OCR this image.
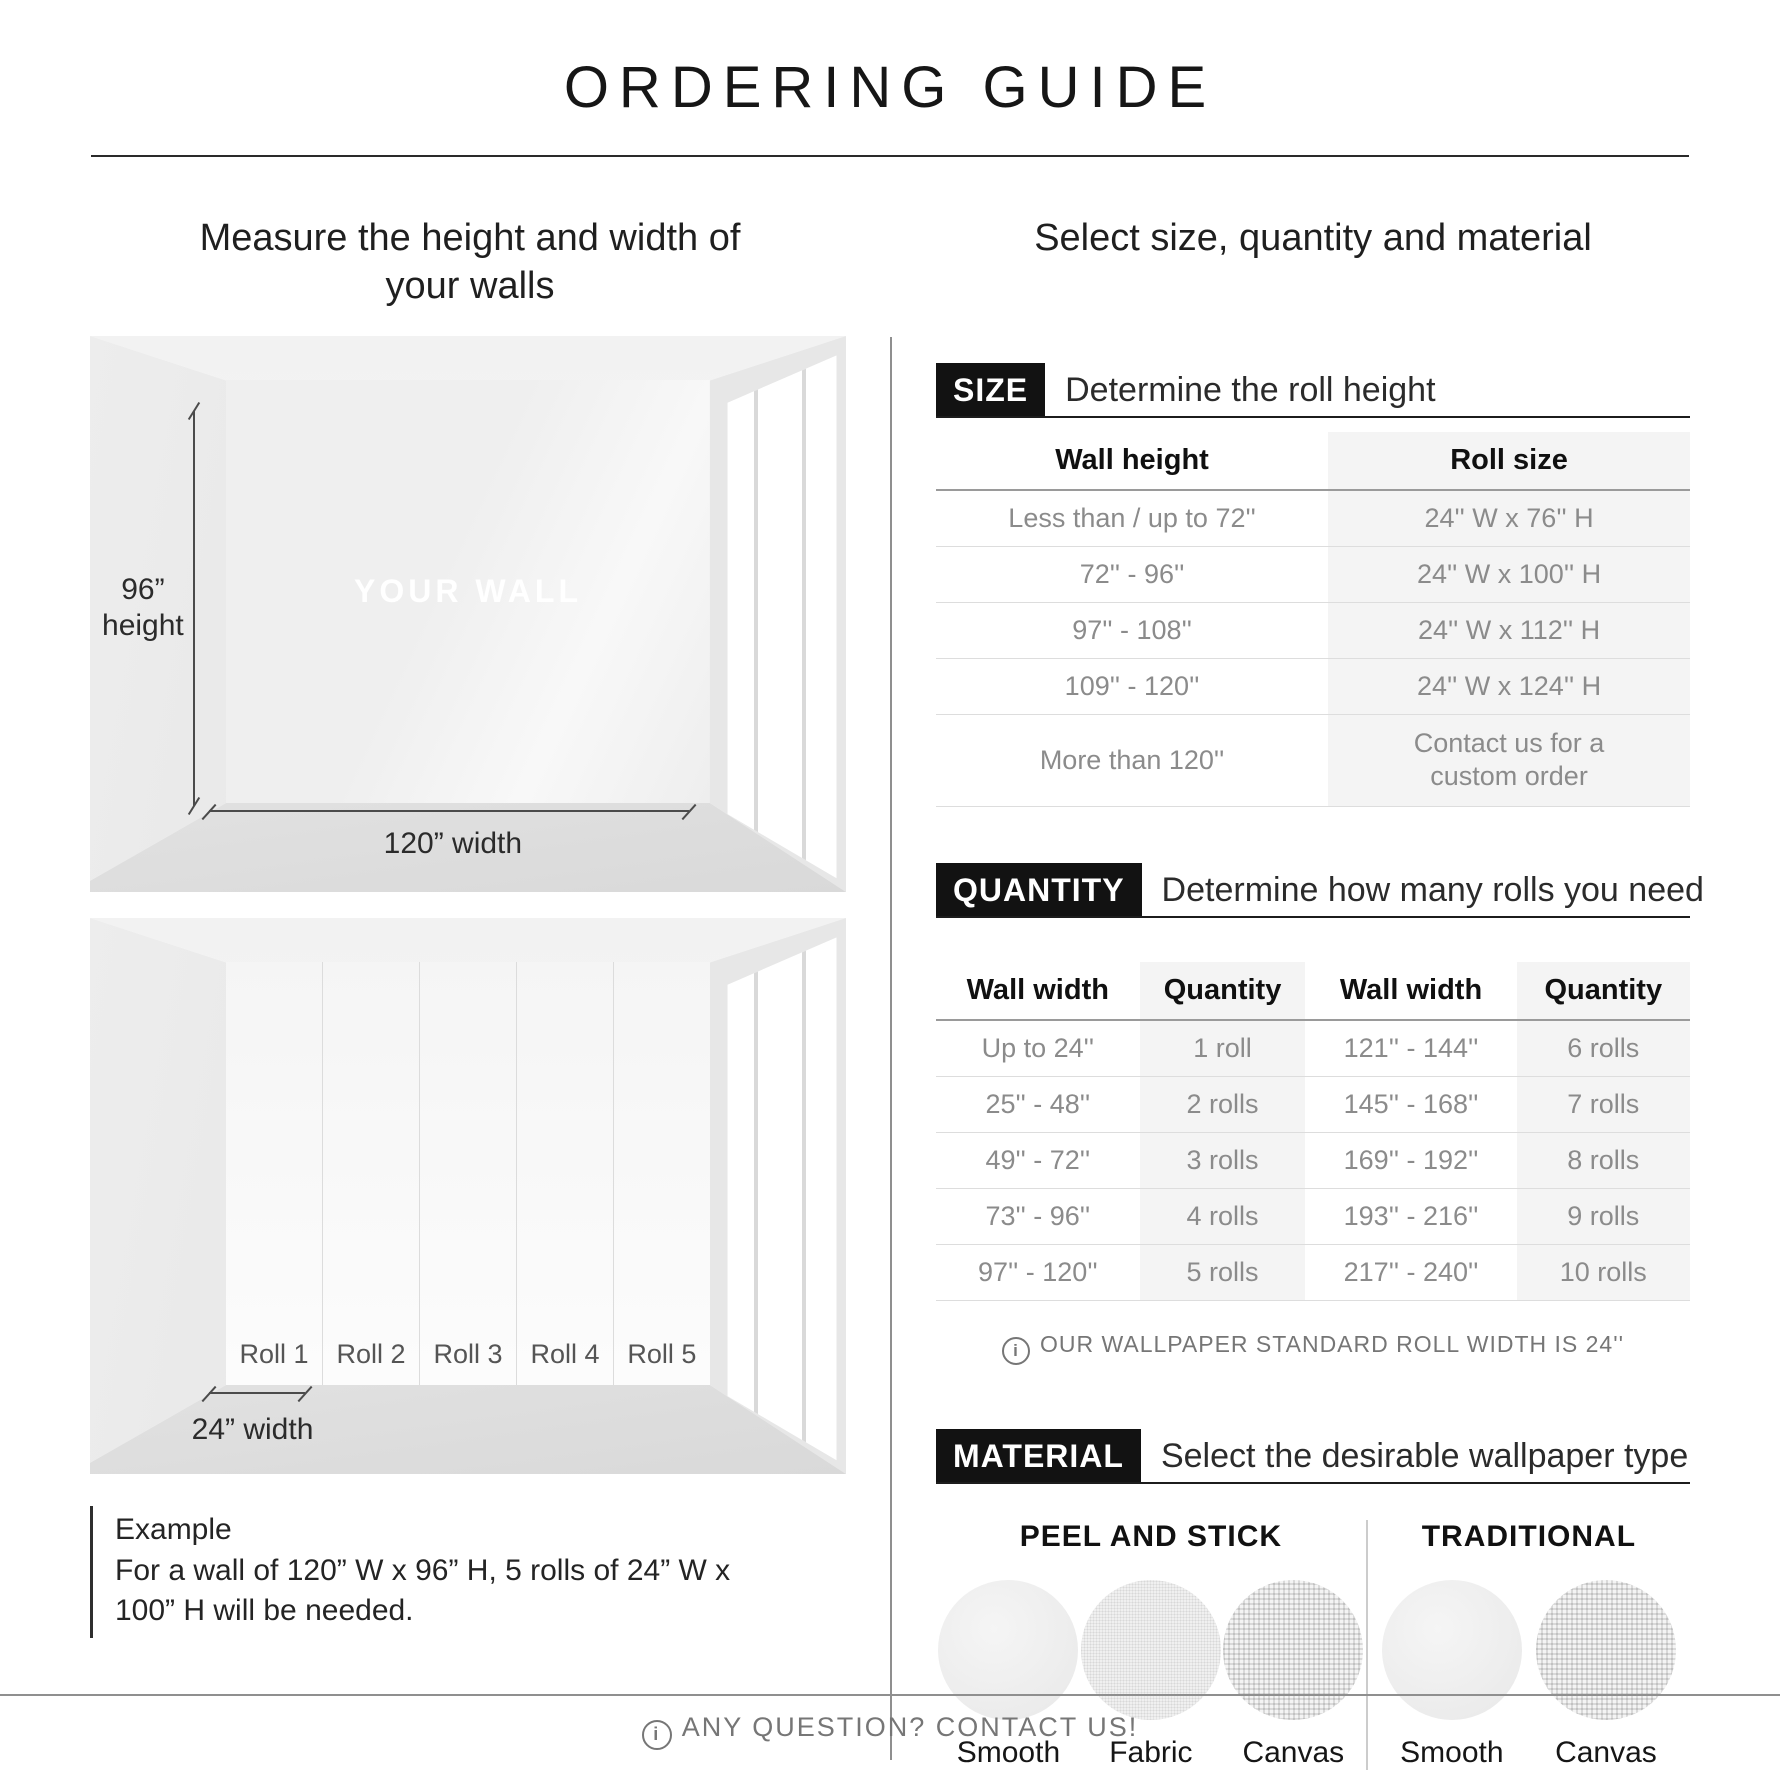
ORDERING GUIDE
Measure the height and width of your walls
96”
height
YOUR WALL
120” width
Roll 1	Roll 2	Roll 3	Roll 4	Roll 5
24” width

Example

For a wall of 120” W x 96” H, 5 rolls of 24” W x 100” H will be needed.

Select size, quantity and material
SIZE	Determine the roll height

Wall height	Roll size
Less than / up to 72''	24'' W x 76'' H
72'' - 96''	24'' W x 100'' H
97'' - 108''	24'' W x 112'' H
109'' - 120''	24'' W x 124'' H
More than 120''	Contact us for a custom order
QUANTITY	Determine how many rolls you need

Wall width	Quantity	Wall width	Quantity
Up to 24''	1 roll	121'' - 144''	6 rolls
25'' - 48''	2 rolls	145'' - 168''	7 rolls
49'' - 72''	3 rolls	169'' - 192''	8 rolls
73'' - 96''	4 rolls	193'' - 216''	9 rolls
97'' - 120''	5 rolls	217'' - 240''	10 rolls
i OUR WALLPAPER STANDARD ROLL WIDTH IS 24''
MATERIAL	Select the desirable wallpaper type

PEEL AND STICK

Smooth Fabric Canvas

TRADITIONAL

Smooth Canvas
i ANY QUESTION? CONTACT US!
